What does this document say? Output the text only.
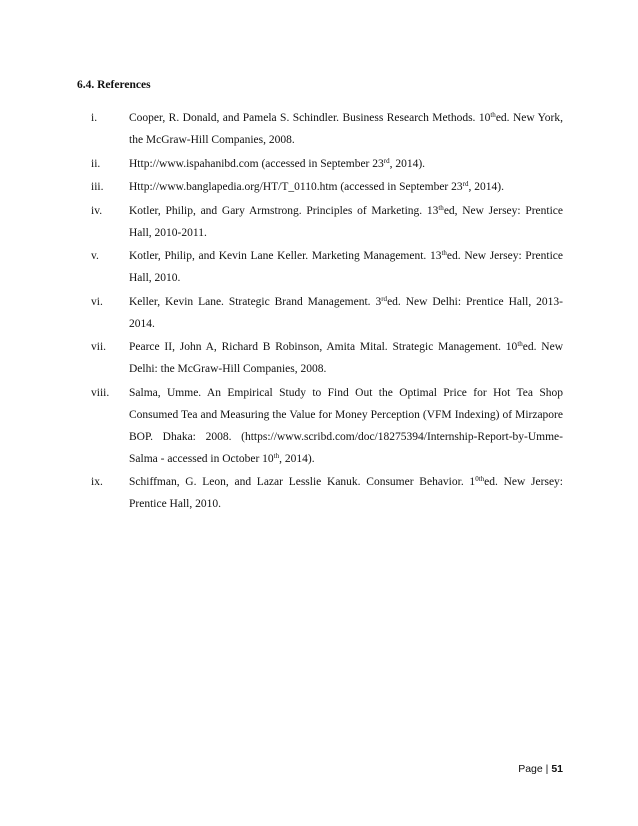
6.4. References
i.	Cooper, R. Donald, and Pamela S. Schindler. Business Research Methods. 10thed. New York, the McGraw-Hill Companies, 2008.
ii.	Http://www.ispahanibd.com (accessed in September 23rd, 2014).
iii.	Http://www.banglapedia.org/HT/T_0110.htm (accessed in September 23rd, 2014).
iv.	Kotler, Philip, and Gary Armstrong. Principles of Marketing. 13thed, New Jersey: Prentice Hall, 2010-2011.
v.	Kotler, Philip, and Kevin Lane Keller. Marketing Management. 13thed. New Jersey: Prentice Hall, 2010.
vi.	Keller, Kevin Lane. Strategic Brand Management. 3rded. New Delhi: Prentice Hall, 2013-2014.
vii.	Pearce II, John A, Richard B Robinson, Amita Mital. Strategic Management. 10thed. New Delhi: the McGraw-Hill Companies, 2008.
viii.	Salma, Umme. An Empirical Study to Find Out the Optimal Price for Hot Tea Shop Consumed Tea and Measuring the Value for Money Perception (VFM Indexing) of Mirzapore BOP. Dhaka: 2008. (https://www.scribd.com/doc/18275394/Internship-Report-by-Umme-Salma - accessed in October 10th, 2014).
ix.	Schiffman, G. Leon, and Lazar Lesslie Kanuk. Consumer Behavior. $1^{0th}ed$. New Jersey: Prentice Hall, 2010.
Page | 51
